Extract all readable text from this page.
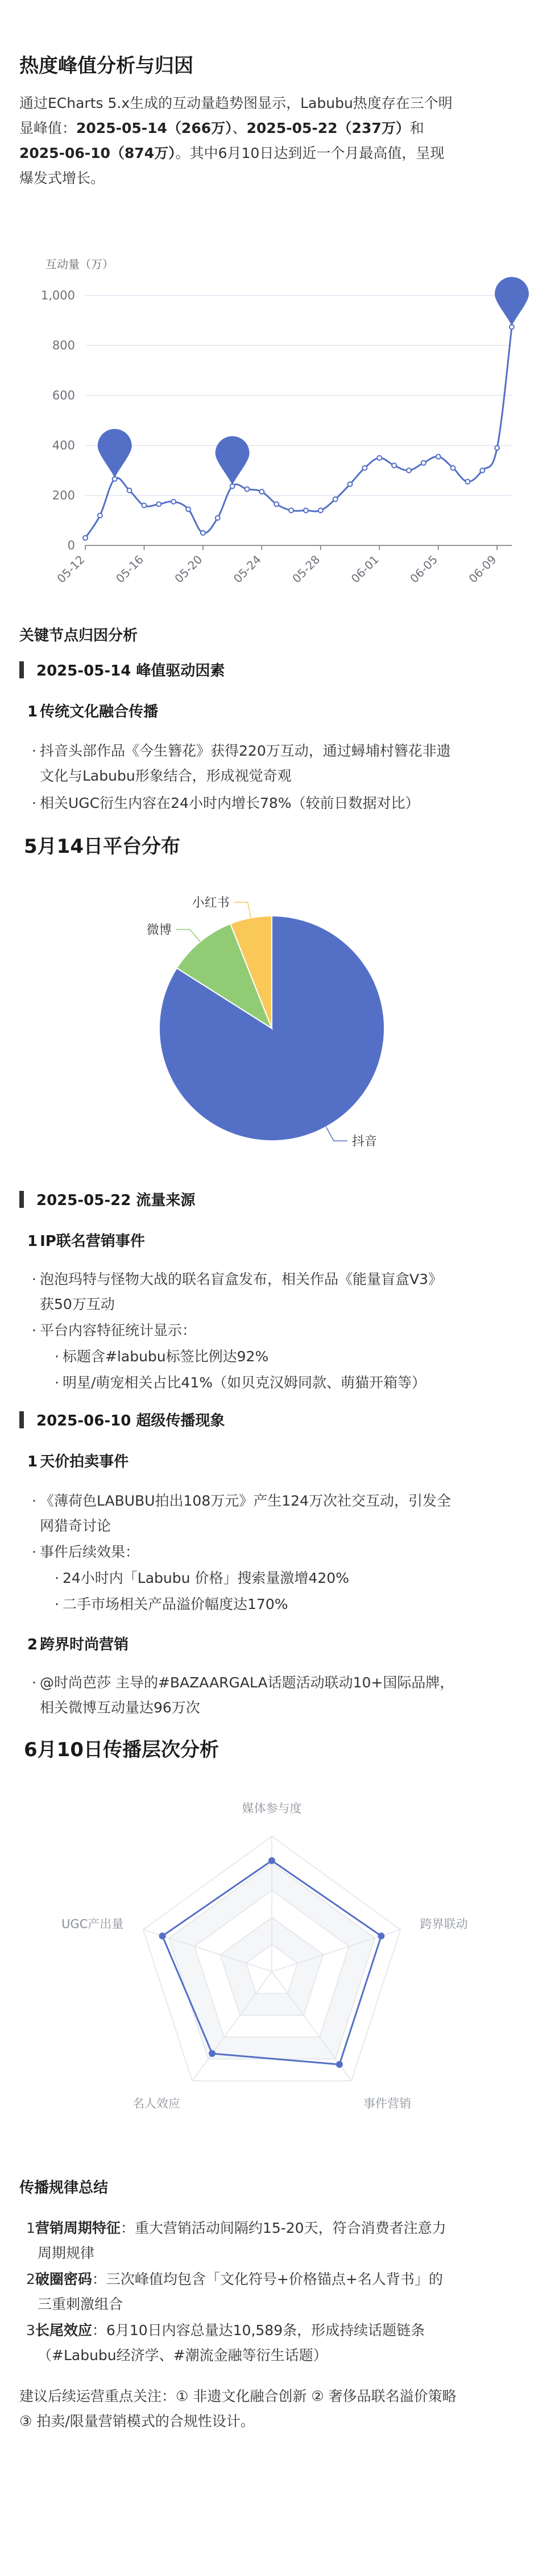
热度峰值分析与归因
通过ECharts 5.x生成的互动量趋势图显示，Labubu热度存在三个明
显峰值：2025-05-14（266万）、2025-05-22（237万）和
2025-06-10（874万）。其中6月10日达到近一个月最高值，呈现
爆发式增长。
互动量（万）
0
200
400
600
800
1,000
05-12 05-16 05-20 05-24 05-28 06-01 06-05 06-09
关键节点归因分析
2025-05-14 峰值驱动因素
1 传统文化融合传播
· 抖音头部作品《今生簪花》获得220万互动，通过蟳埔村簪花非遗
文化与Labubu形象结合，形成视觉奇观
· 相关UGC衍生内容在24小时内增长78%（较前日数据对比）
5月14日平台分布
抖音
微博
小红书
2025-05-22 流量来源
1 IP联名营销事件
· 泡泡玛特与怪物大战的联名盲盒发布，相关作品《能量盲盒V3》
获50万互动
· 平台内容特征统计显示：
· 标题含#labubu标签比例达92%
· 明星/萌宠相关占比41%（如贝克汉姆同款、萌猫开箱等）
2025-06-10 超级传播现象
1 天价拍卖事件
· 《薄荷色LABUBU拍出108万元》产生124万次社交互动，引发全
网猎奇讨论
· 事件后续效果：
· 24小时内「Labubu 价格」搜索量激增420%
· 二手市场相关产品溢价幅度达170%
2 跨界时尚营销
· @时尚芭莎 主导的#BAZAARGALA话题活动联动10+国际品牌，
相关微博互动量达96万次
6月10日传播层次分析
媒体参与度
跨界联动
事件营销
名人效应
UGC产出量
传播规律总结
1营销周期特征：重大营销活动间隔约15-20天，符合消费者注意力
周期规律
2破圈密码：三次峰值均包含「文化符号+价格锚点+名人背书」的
三重刺激组合
3长尾效应：6月10日内容总量达10,589条，形成持续话题链条
（#Labubu经济学、#潮流金融等衍生话题）
建议后续运营重点关注：① 非遗文化融合创新 ② 奢侈品联名溢价策略
③ 拍卖/限量营销模式的合规性设计。
